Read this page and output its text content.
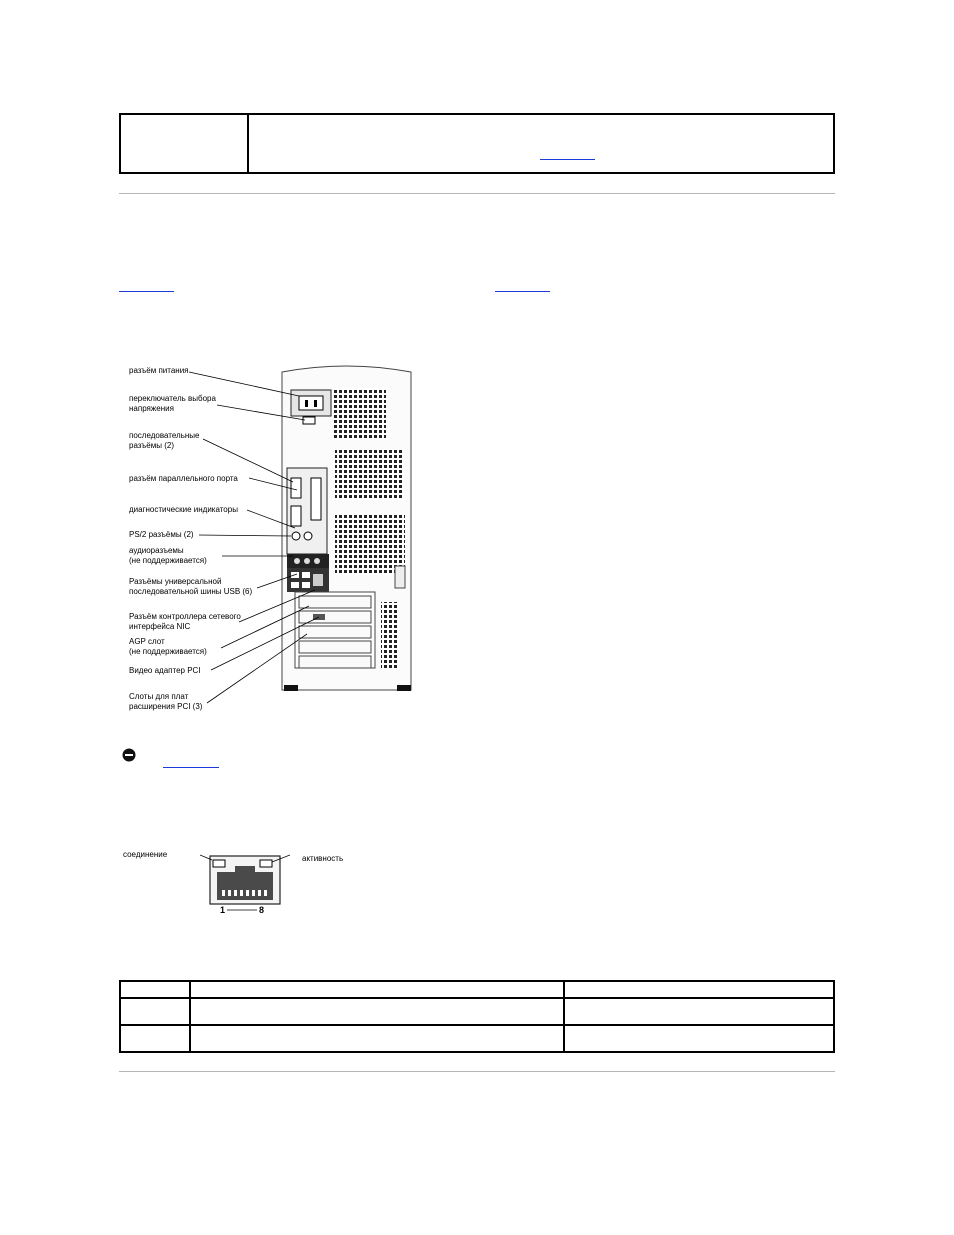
разъём питания
переключатель выбора
напряжения
последовательные
разъёмы (2)
разъём параллельного порта
диагностические индикаторы
PS/2 разъёмы (2)
аудиоразъемы
(не поддерживается)
Разъёмы универсальной
последовательной шины USB (6)
Разъём контроллера сетевого
интерфейса NIC
AGP слот
(не поддерживается)
Видео адаптер PCI
Слоты для плат
расширения PCI (3)
соединение	активность
1	8
